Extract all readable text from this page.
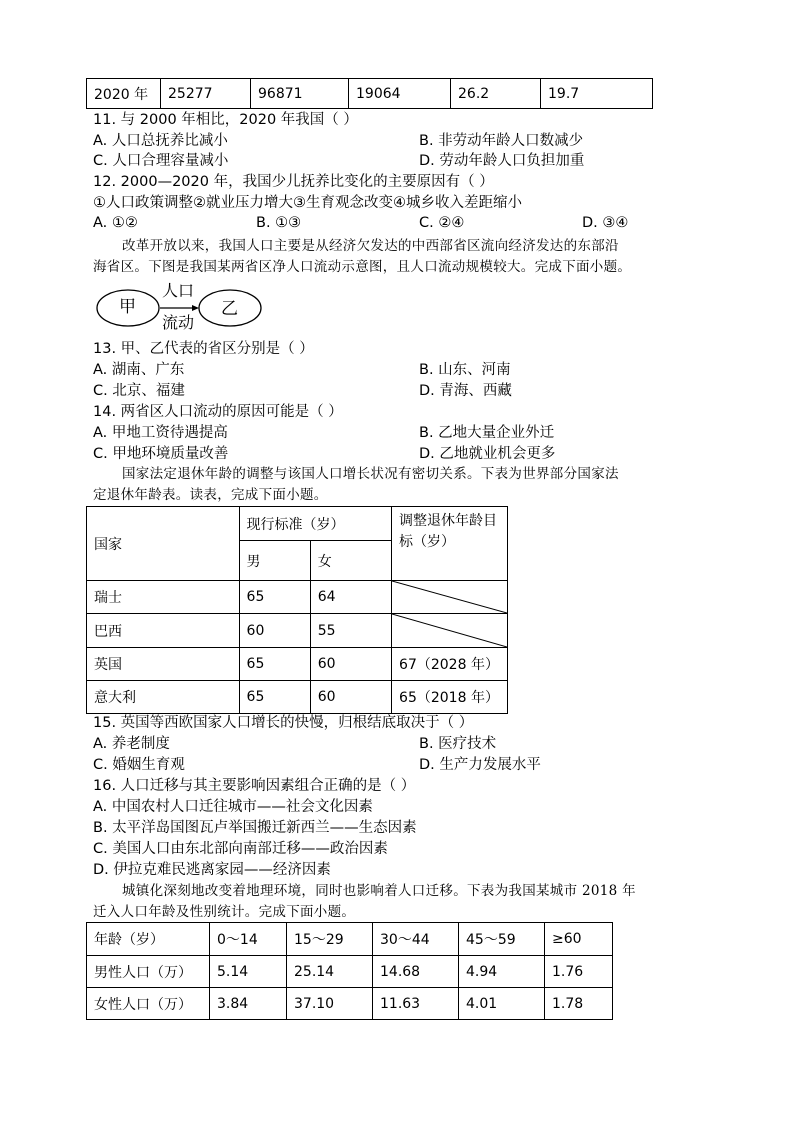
2020 年	25277	96871	19064	26.2	19.7
11. 与 2000 年相比，2020 年我国（ ）
A. 人口总抚养比减小	B. 非劳动年龄人口数减少
C. 人口合理容量减小	D. 劳动年龄人口负担加重
12. 2000—2020 年，我国少儿抚养比变化的主要原因有（ ）
①人口政策调整②就业压力增大③生育观念改变④城乡收入差距缩小
A. ①②	B. ①③	C. ②④	D. ③④
改革开放以来，我国人口主要是从经济欠发达的中西部省区流向经济发达的东部沿
海省区。下图是我国某两省区净人口流动示意图，且人口流动规模较大。完成下面小题。
甲	乙
人口
流动
13. 甲、乙代表的省区分别是（ ）
A. 湖南、广东	B. 山东、河南
C. 北京、福建	D. 青海、西藏
14. 两省区人口流动的原因可能是（ ）
A. 甲地工资待遇提高	B. 乙地大量企业外迁
C. 甲地环境质量改善	D. 乙地就业机会更多
国家法定退休年龄的调整与该国人口增长状况有密切关系。下表为世界部分国家法
定退休年龄表。读表，完成下面小题。
国家	现行标准（岁）		调整退休年龄目标（岁）
	男	女	
瑞士	65	64	

巴西	60	55	

英国	65	60	67（2028 年）
意大利	65	60	65（2018 年）
15. 英国等西欧国家人口增长的快慢，归根结底取决于（ ）
A. 养老制度	B. 医疗技术
C. 婚姻生育观	D. 生产力发展水平
16. 人口迁移与其主要影响因素组合正确的是（ ）
A. 中国农村人口迁往城市——社会文化因素
B. 太平洋岛国图瓦卢举国搬迁新西兰——生态因素
C. 美国人口由东北部向南部迁移——政治因素
D. 伊拉克难民逃离家园——经济因素
城镇化深刻地改变着地理环境，同时也影响着人口迁移。下表为我国某城市 2018 年
迁入人口年龄及性别统计。完成下面小题。
年龄（岁）	0～14	15～29	30～44	45～59	≥60
男性人口（万）	5.14	25.14	14.68	4.94	1.76
女性人口（万）	3.84	37.10	11.63	4.01	1.78
